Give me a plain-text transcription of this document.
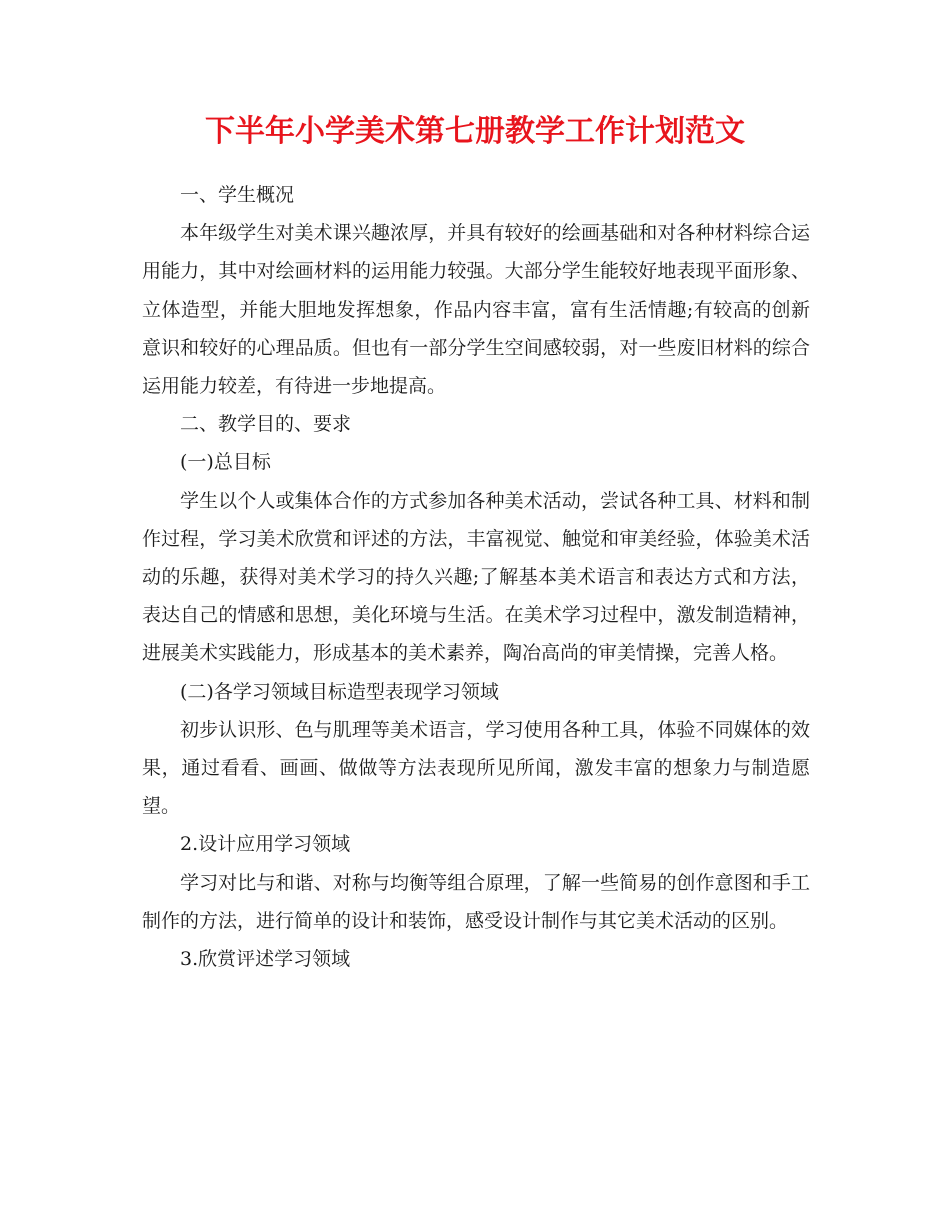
下半年小学美术第七册教学工作计划范文

一、学生概况

本年级学生对美术课兴趣浓厚，并具有较好的绘画基础和对各种材料综合运用能力，其中对绘画材料的运用能力较强。大部分学生能较好地表现平面形象、立体造型，并能大胆地发挥想象，作品内容丰富，富有生活情趣;有较高的创新意识和较好的心理品质。但也有一部分学生空间感较弱，对一些废旧材料的综合运用能力较差，有待进一步地提高。

二、教学目的、要求

(一)总目标

学生以个人或集体合作的方式参加各种美术活动，尝试各种工具、材料和制作过程，学习美术欣赏和评述的方法，丰富视觉、触觉和审美经验，体验美术活动的乐趣，获得对美术学习的持久兴趣;了解基本美术语言和表达方式和方法，表达自己的情感和思想，美化环境与生活。在美术学习过程中，激发制造精神，进展美术实践能力，形成基本的美术素养，陶冶高尚的审美情操，完善人格。

(二)各学习领域目标造型表现学习领域

初步认识形、色与肌理等美术语言，学习使用各种工具，体验不同媒体的效果，通过看看、画画、做做等方法表现所见所闻，激发丰富的想象力与制造愿望。

2.设计应用学习领域

学习对比与和谐、对称与均衡等组合原理，了解一些简易的创作意图和手工制作的方法，进行简单的设计和装饰，感受设计制作与其它美术活动的区别。

3.欣赏评述学习领域
